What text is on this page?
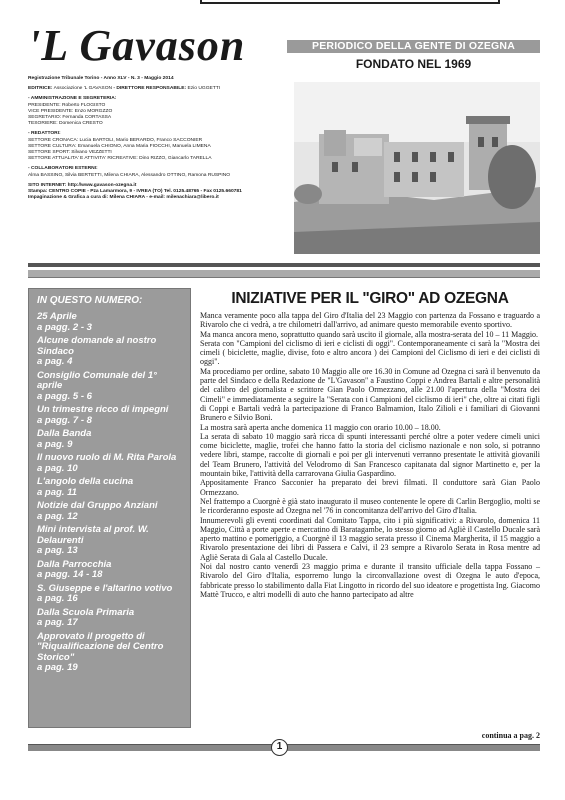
'L Gavason	PERIODICO DELLA GENTE DI OZEGNA
FONDATO NEL 1969
Registrazione Tribunale Torino - Anno XLV - N. 3 - Maggio 2014
EDITRICE: Associazione 'L GAVASON - DIRETTORE RESPONSABILE: Ezio UGGETTI
- AMMINISTRAZIONE E SEGRETERIA:
PRESIDENTE: Roberto FLOGISTO
VICE PRESIDENTE: Enzo MORGZZO
SEGRETARIO: Fernanda CORTASSA
TESORIERE: Domenica CRESTO
- REDATTORI:
SETTORE CRONACA: Lucia BARTOLI, Mario BERARDO, Franco SACCONIER
SETTORE CULTURA: Emanuela CHIONO, Anna Maria FIOCCHI, Manuela LIMENA
SETTORE SPORT: Silvano VEZZETTI
SETTORE ATTUALITA' E ATTIVITA' RICREATIVE: Dino RIZZO, Giancarlo TARELLA
- COLLABORATORI ESTERNI:
Alma BASSINO, Silvia BERTETTI, Milena CHIARA, Alessandro OTTINO, Ramona RUSPINO
SITO INTERNET: http://www.gavason-ozegna.it
Stampa: CENTRO COPIE - Pza Lamarmora, 9 - IVREA (TO) Tel. 0125.48765 - Fax 0125.660781
Impaginazione & Grafica a cura di: Milena CHIARA - e-mail: milenachiara@libero.it
IN QUESTO NUMERO:
25 Aprile
a pagg. 2 - 3
Alcune domande al nostro Sindaco
a pag. 4
Consiglio Comunale del 1° aprile
a pagg. 5 - 6
Un trimestre ricco di impegni
a pagg. 7 - 8
Dalla Banda
a pag. 9
Il nuovo ruolo di M. Rita Parola
a pag. 10
L'angolo della cucina
a pag. 11
Notizie dal Gruppo Anziani
a pag. 12
Mini intervista al prof. W. Delaurenti
a pag. 13
Dalla Parrocchia
a pagg. 14 - 18
S. Giuseppe e l'altarino votivo
a pag. 16
Dalla Scuola Primaria
a pag. 17
Approvato il progetto di "Riqualificazione del Centro Storico"
a pag. 19
INIZIATIVE PER IL "GIRO" AD OZEGNA

Manca veramente poco alla tappa del Giro d'Italia del 23 Maggio con partenza da Fossano e traguardo a Rivarolo che ci vedrà, a tre chilometri dall'arrivo, ad animare questo memorabile evento sportivo.

Ma manca ancora meno, soprattutto quando sarà uscito il giornale, alla mostra-serata del 10 – 11 Maggio.

Serata con "Campioni del ciclismo di ieri e ciclisti di oggi". Contemporaneamente ci sarà la "Mostra dei cimeli ( biciclette, maglie, divise, foto e altro ancora ) dei Campioni del Ciclismo di ieri e dei ciclisti di oggi".

Ma procediamo per ordine, sabato 10 Maggio alle ore 16.30 in Comune ad Ozegna ci sarà il benvenuto da parte del Sindaco e della Redazione de "L'Gavason" a Faustino Coppi e Andrea Bartali e altre personalità del calibro del giornalista e scrittore Gian Paolo Ormezzano, alle 21.00 l'apertura della "Mostra dei Cimeli" e immediatamente a seguire la "Serata con i Campioni del ciclismo di ieri" che, oltre ai citati figli di Coppi e Bartali vedrà la partecipazione di Franco Balmamion, Italo Zilioli e i familiari di Giovanni Brunero e Silvio Boni.

La mostra sarà aperta anche domenica 11 maggio con orario 10.00 – 18.00.

La serata di sabato 10 maggio sarà ricca di spunti interessanti perché oltre a poter vedere cimeli unici come biciclette, maglie, trofei che hanno fatto la storia del ciclismo nazionale e non solo, si potranno vedere libri, stampe, raccolte di giornali e poi per gli intervenuti verranno presentate le attività giovanili del Team Brunero, l'attività del Velodromo di San Francesco capitanata dal signor Martinetto e, per la mountain bike, l'attività della carrarovana Giulia Gaspardino.

Appositamente Franco Sacconier ha preparato dei brevi filmati. Il conduttore sarà Gian Paolo Ormezzano.

Nel frattempo a Cuorgnè è già stato inaugurato il museo contenente le opere di Carlin Bergoglio, molti se le ricorderanno esposte ad Ozegna nel '76 in concomitanza dell'arrivo del Giro d'Italia.

Innumerevoli gli eventi coordinati dal Comitato Tappa, cito i più significativi: a Rivarolo, domenica 11 Maggio, Città a porte aperte e mercatino di Baratagambe, lo stesso giorno ad Agliè il Castello Ducale sarà aperto mattino e pomeriggio, a Cuorgnè il 13 maggio serata presso il Cinema Margherita, il 15 maggio a Rivarolo presentazione dei libri di Passera e Calvi, il 23 sempre a Rivarolo Serata in Rosa mentre ad Agliè Serata di Gala al Castello Ducale.

Noi dal nostro canto venerdì 23 maggio prima e durante il transito ufficiale della tappa Fossano – Rivarolo del Giro d'Italia, esporremo lungo la circonvallazione ovest di Ozegna le auto d'epoca, fabbricate presso lo stabilimento dalla Fiat Lingotto in ricordo del suo ideatore e progettista Ing. Giacomo Mattè Trucco, e altri modelli di auto che hanno partecipato ad altre

continua a pag. 2
1
